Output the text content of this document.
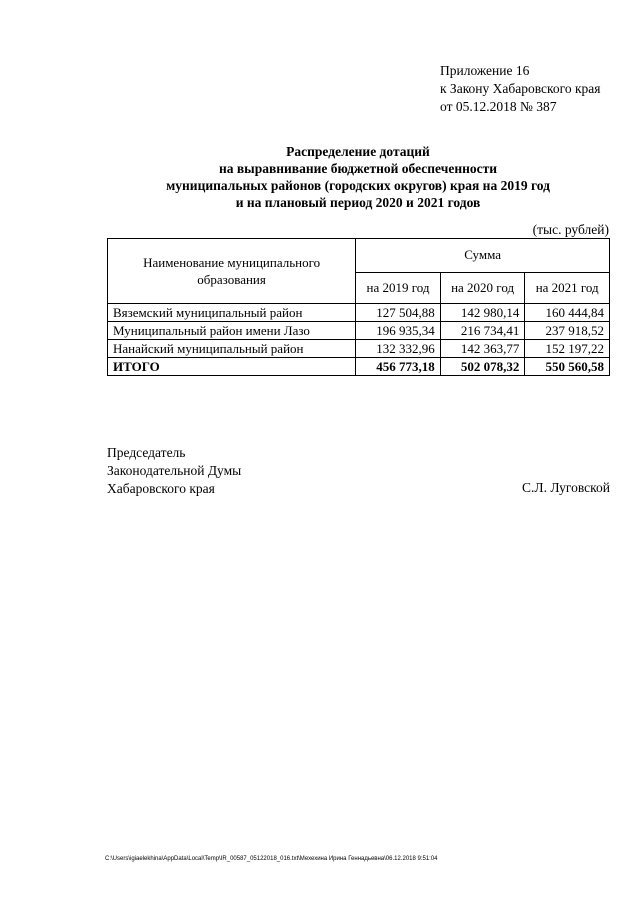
Приложение 16
к Закону Хабаровского края
от 05.12.2018 № 387
Распределение дотаций
на выравнивание бюджетной обеспеченности
муниципальных районов (городских округов) края на 2019 год
и на плановый период 2020 и 2021 годов
(тыс. рублей)
Наименование муниципального образования	Сумма		
	на 2019 год	на 2020 год	на 2021 год
Вяземский муниципальный район	127 504,88	142 980,14	160 444,84
Муниципальный район имени Лазо	196 935,34	216 734,41	237 918,52
Нанайский муниципальный район	132 332,96	142 363,77	152 197,22
ИТОГО	456 773,18	502 078,32	550 560,58
Председатель
Законодательной Думы
Хабаровского края	С.Л. Луговской
C:\Users\igiaelekhina\AppData\Local\Temp\IR_00587_05122018_016.txt\Мехехина Ирина Геннадьевна\06.12.2018 9:51:04
